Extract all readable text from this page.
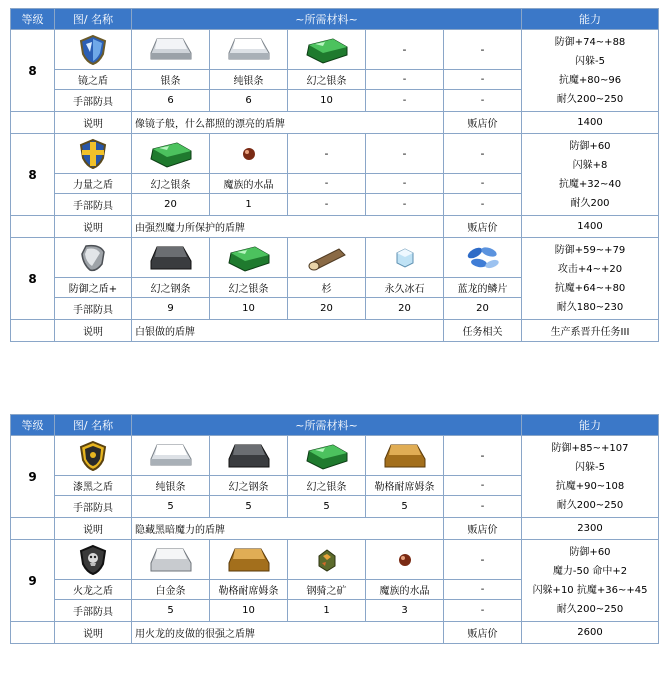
等级	图/ 名称	~所需材料~					能力
8					-	-	防御+74~+88
闪躲-5
抗魔+80~96
耐久200~250

	镜之盾	银条	纯银条	幻之银条	-	-	
	手部防具	6	6	10	-	-	
	说明	像镜子般，什么都照的漂亮的盾牌				贩店价	1400
8				-	-	-	防御+60
闪躲+8
抗魔+32~40
耐久200

	力量之盾	幻之银条	魔族的水晶	-	-	-	
	手部防具	20	1	-	-	-	
	说明	由强烈魔力所保护的盾牌				贩店价	1400
8							防御+59~+79
攻击+4~+20
抗魔+64~+80
耐久180~230

	防御之盾+	幻之钢条	幻之银条	杉	永久冰石	蓝龙的鳞片	
	手部防具	9	10	20	20	20	
	说明	白银做的盾牌				任务相关	生产系晋升任务III
等级	图/ 名称	~所需材料~					能力
9						-	防御+85~+107
闪躲-5
抗魔+90~108
耐久200~250

	漆黑之盾	纯银条	幻之钢条	幻之银条	勒格耐席姆条	-	
	手部防具	5	5	5	5	-	
	说明	隐藏黑暗魔力的盾牌				贩店价	2300
9						-	防御+60
魔力-50 命中+2
闪躲+10 抗魔+36~+45
耐久200~250

	火龙之盾	白金条	勒格耐席姆条	钢骑之矿	魔族的水晶	-	
	手部防具	5	10	1	3	-	
	说明	用火龙的皮做的很强之盾牌				贩店价	2600
